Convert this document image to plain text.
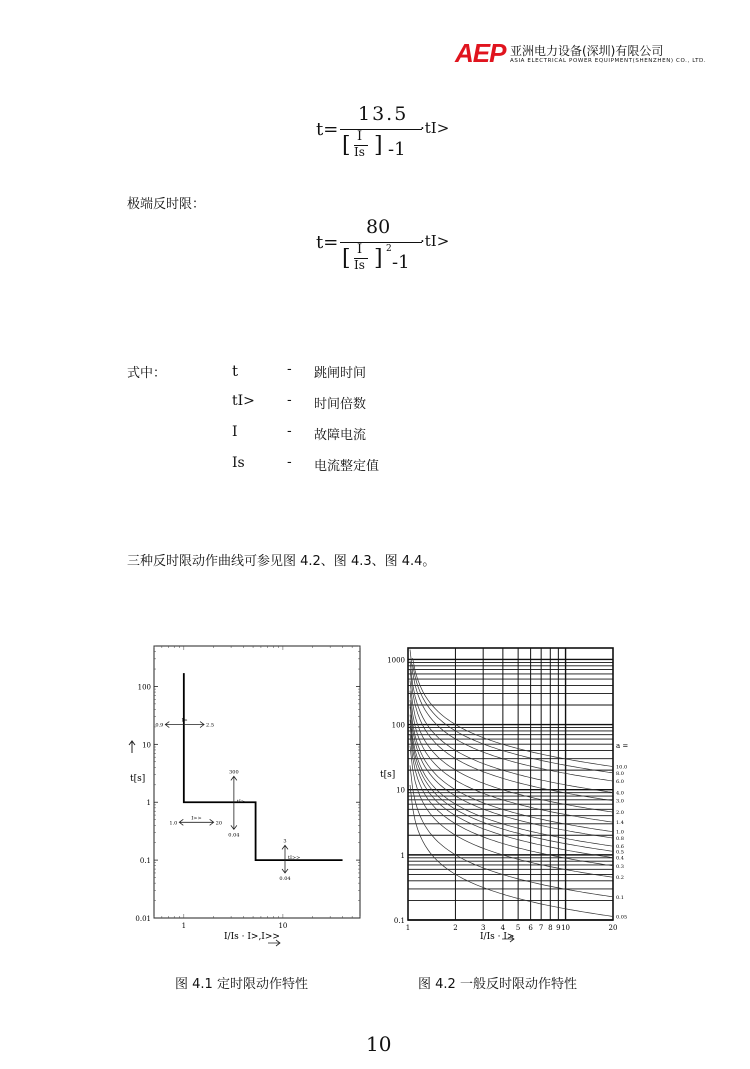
AEP 亚洲电力设备(深圳)有限公司
ASIA ELECTRICAL POWER EQUIPMENT(SHENZHEN) CO., LTD.
t=
13.5
[ I
Is ] -1
·tI>
极端反时限：
t=
80
[ I
Is ] 2
-1
·tI>
式中：	t	- 跳闸时间
tI> - 时间倍数
I	- 故障电流
Is	- 电流整定值
三种反时限动作曲线可参见图 4.2、图 4.3、图 4.4。
0.01
0.1
1
10
100
1	10
0.9	2.5
I>
300
0.04
tI>
1.0	20
I>>
3
0.04
tI>>
t[s]
I/Is · I>,I>>
0.1
1
10
100
1000
1	2	3 4 5 6 7 8 9 10	20
10.0
8.0
6.0
4.0
3.0
2.0
1.4
1.0
0.8
0.6
0.5
0.4
0.3
0.2
0.1
0.05
t[s]
I/Is · I>
a =
图 4.1 定时限动作特性	图 4.2 一般反时限动作特性
10
